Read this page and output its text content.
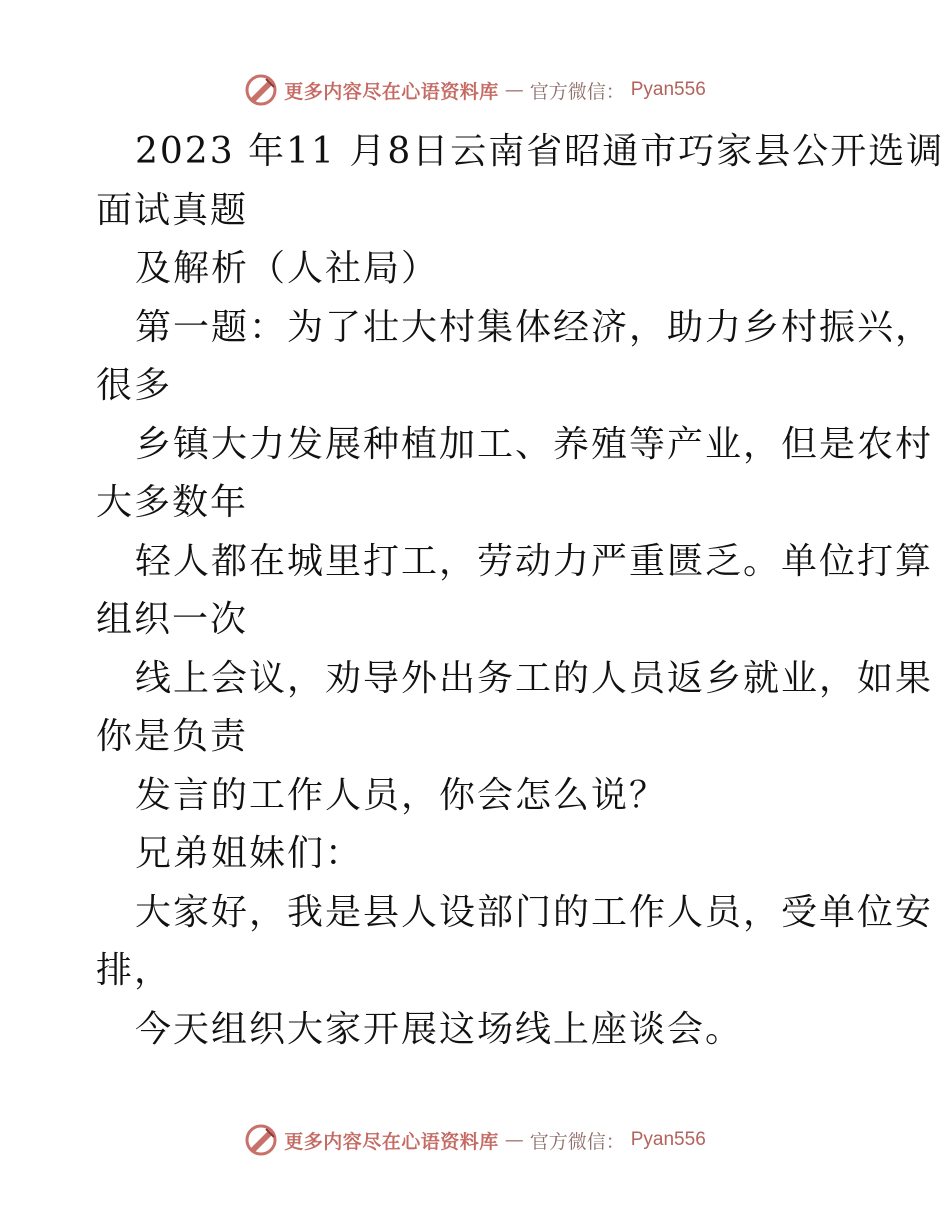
更多内容尽在心语资料库 — 官方微信： Pyan556
2023 年11 月8日云南省昭通市巧家县公开选调
面试真题
及解析（人社局）
第一题：为了壮大村集体经济，助力乡村振兴，
很多
乡镇大力发展种植加工、养殖等产业，但是农村
大多数年
轻人都在城里打工，劳动力严重匮乏。单位打算
组织一次
线上会议，劝导外出务工的人员返乡就业，如果
你是负责
发言的工作人员，你会怎么说？
兄弟姐妹们：
大家好，我是县人设部门的工作人员，受单位安
排，
今天组织大家开展这场线上座谈会。
更多内容尽在心语资料库 — 官方微信： Pyan556
